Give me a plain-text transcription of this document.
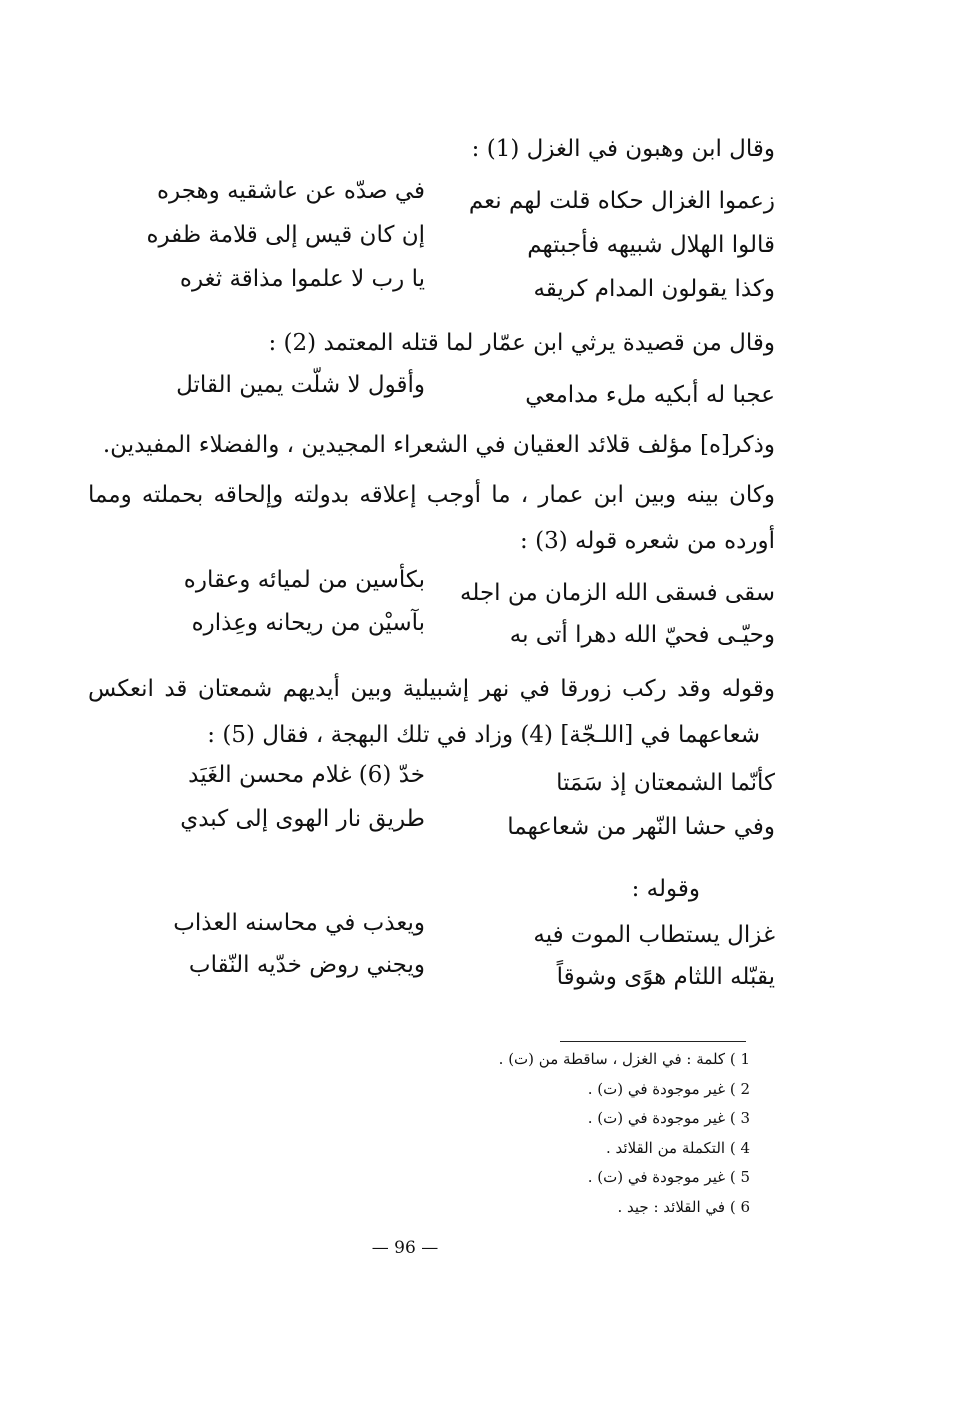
وقال ابن وهبون في الغزل (1) :
زعموا الغزال حكاه قلت لهم نعم
في صدّه عن عاشقيه وهجره
قالوا الهلال شبيهه فأجبتهم
إن كان قيس إلى قلامة ظفره
وكذا يقولون المدام كريقه
يا رب لا علموا مذاقة ثغره
وقال من قصيدة يرثي ابن عمّار لما قتله المعتمد (2) :
عجبا له أبكيه ملء مدامعي
وأقول لا شلّت يمين القاتل
وذكر[ه] مؤلف قلائد العقيان في الشعراء المجيدين ، والفضلاء المفيدين.
وكان بينه وبين ابن عمار ، ما أوجب إعلاقه بدولته وإلحاقه بحملته ومما
أورده من شعره قوله (3) :
سقى فسقى الله الزمان من اجله
بكأسين من لميائه وعقاره
وحيّـى فحيّ الله دهرا أتى به
بآسيْن من ريحانه وعِذاره
وقوله وقد ركب زورقا في نهر إشبيلية وبين أيديهم شمعتان قد انعكس
شعاعهما في [اللـجّة] (4) وزاد في تلك البهجة ، فقال (5) :
كأنّما الشمعتان إذ سَمَتا
خدّ (6) غلام محسن الغَيَد
وفي حشا النّهر من شعاعهما
طريق نار الهوى إلى كبدي
وقوله :
غزال يستطاب الموت فيه
ويعذب في محاسنه العذاب
يقبّله اللثام هوًى وشوقاً
ويجني روض خدّيه النّقاب
1 ) كلمة : في الغزل ، ساقطة من (ت) .
2 ) غير موجودة في (ت) .
3 ) غير موجودة في (ت) .
4 ) التكملة من القلائد .
5 ) غير موجودة في (ت) .
6 ) في القلائد : جيد .
— 96 —
